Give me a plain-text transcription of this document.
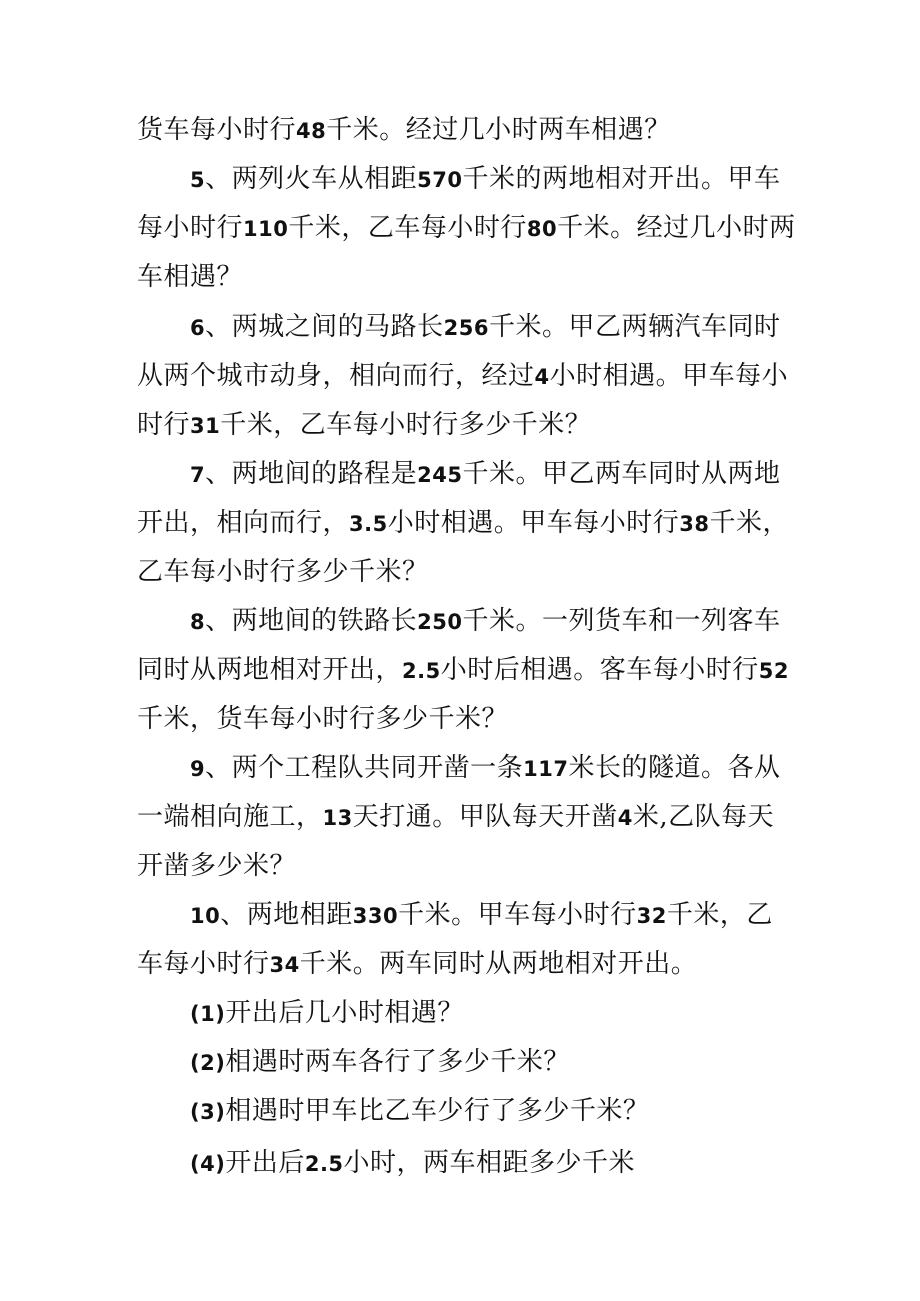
货车每小时行48千米。经过几小时两车相遇？
5、两列火车从相距570千米的两地相对开出。甲车
每小时行110千米，乙车每小时行80千米。经过几小时两
车相遇？
6、两城之间的马路长256千米。甲乙两辆汽车同时
从两个城市动身，相向而行，经过4小时相遇。甲车每小
时行31千米，乙车每小时行多少千米？
7、两地间的路程是245千米。甲乙两车同时从两地
开出，相向而行，3.5小时相遇。甲车每小时行38千米，
乙车每小时行多少千米？
8、两地间的铁路长250千米。一列货车和一列客车
同时从两地相对开出，2.5小时后相遇。客车每小时行52
千米，货车每小时行多少千米？
9、两个工程队共同开凿一条117米长的隧道。各从
一端相向施工，13天打通。甲队每天开凿4米,乙队每天
开凿多少米？
10、两地相距330千米。甲车每小时行32千米，乙
车每小时行34千米。两车同时从两地相对开出。
(1)开出后几小时相遇？
(2)相遇时两车各行了多少千米？
(3)相遇时甲车比乙车少行了多少千米？
(4)开出后2.5小时，两车相距多少千米
